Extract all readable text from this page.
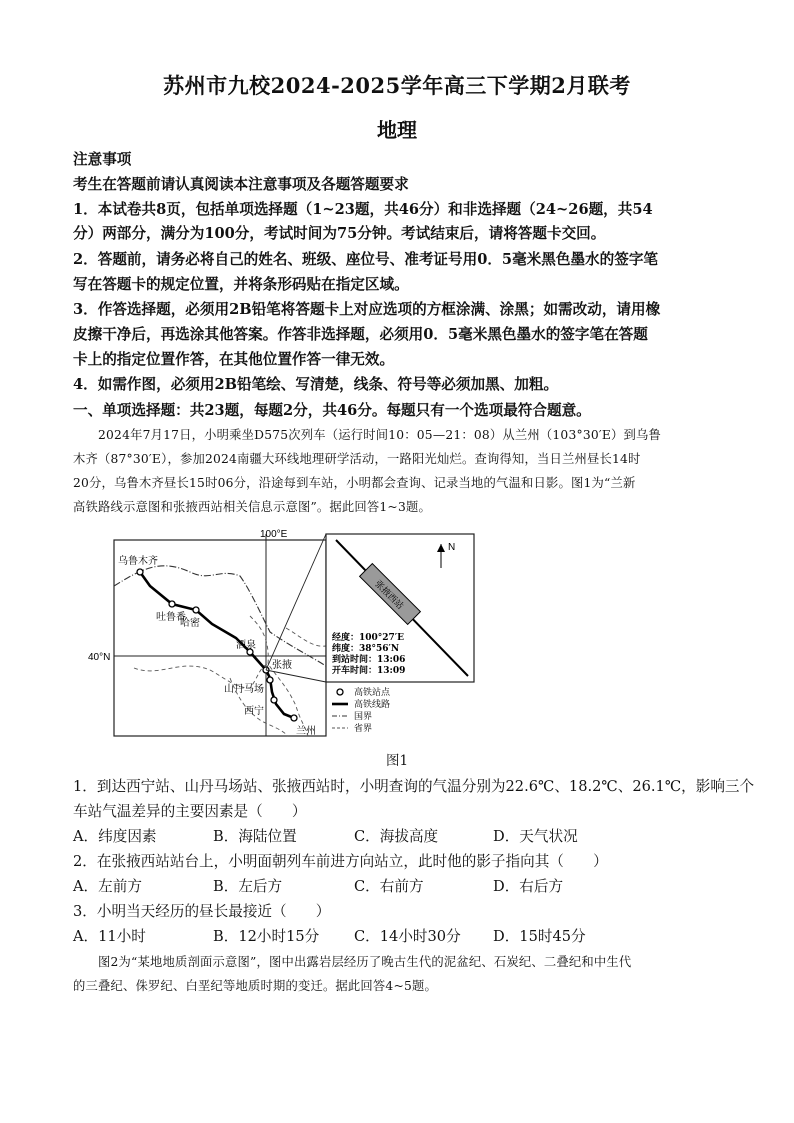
苏州市九校2024-2025学年高三下学期2月联考
地理
注意事项
考生在答题前请认真阅读本注意事项及各题答题要求
1．本试卷共8页，包括单项选择题（1~23题，共46分）和非选择题（24~26题，共54
分）两部分，满分为100分，考试时间为75分钟。考试结束后，请将答题卡交回。
2．答题前，请务必将自己的姓名、班级、座位号、准考证号用0．5毫米黑色墨水的签字笔
写在答题卡的规定位置，并将条形码贴在指定区域。
3．作答选择题，必须用2B铅笔将答题卡上对应选项的方框涂满、涂黑；如需改动，请用橡
皮擦干净后，再选涂其他答案。作答非选择题，必须用0．5毫米黑色墨水的签字笔在答题
卡上的指定位置作答，在其他位置作答一律无效。
4．如需作图，必须用2B铅笔绘、写清楚，线条、符号等必须加黑、加粗。
一、单项选择题：共23题，每题2分，共46分。每题只有一个选项最符合题意。
　　2024年7月17日，小明乘坐D575次列车（运行时间10：05—21：08）从兰州（103°30′E）到乌鲁
木齐（87°30′E），参加2024南疆大环线地理研学活动，一路阳光灿烂。查询得知，当日兰州昼长14时
20分，乌鲁木齐昼长15时06分，沿途每到车站，小明都会查询、记录当地的气温和日影。图1为“兰新
高铁路线示意图和张掖西站相关信息示意图”。据此回答1~3题。
100°E
40°N
乌鲁木齐
吐鲁番
哈密
酒泉
张掖
山丹马场
西宁
兰州
张掖西站
N
经度：100°27′E
纬度：38°56′N
到站时间：13:06
开车时间：13:09
高铁站点
高铁线路
国界
省界
图1
1．到达西宁站、山丹马场站、张掖西站时，小明查询的气温分别为22.6℃、18.2℃、26.1℃，影响三个
车站气温差异的主要因素是（　　）
A．纬度因素	B．海陆位置	C．海拔高度	D．天气状况
2．在张掖西站站台上，小明面朝列车前进方向站立，此时他的影子指向其（　　）
A．左前方	B．左后方	C．右前方	D．右后方
3．小明当天经历的昼长最接近（　　）
A．11小时	B．12小时15分 C．14小时30分 D．15时45分
　　图2为“某地地质剖面示意图”，图中出露岩层经历了晚古生代的泥盆纪、石炭纪、二叠纪和中生代
的三叠纪、侏罗纪、白垩纪等地质时期的变迁。据此回答4~5题。
